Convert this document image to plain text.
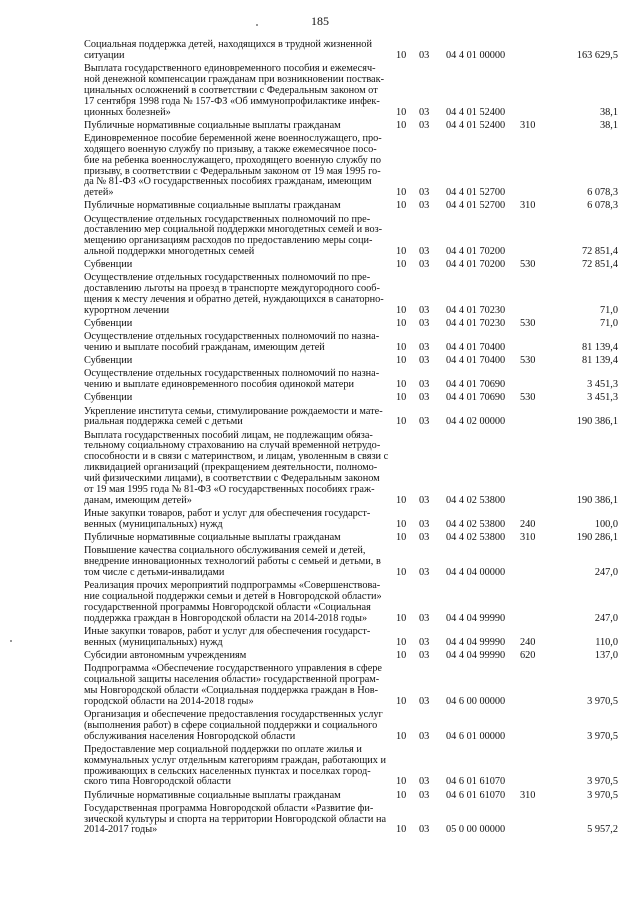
185
Социальная поддержка детей, находящихся в трудной жизненной ситуации	10	03	04 4 01 00000	163 629,5
Выплата государственного единовременного пособия и ежемесяч-ной денежной компенсации гражданам при возникновении поствак-цинальных осложнений в соответствии с Федеральным законом от 17 сентября 1998 года № 157-ФЗ «Об иммунопрофилактике инфек-ционных болезней»	10	03	04 4 01 52400	38,1
Публичные нормативные социальные выплаты гражданам	10	03	04 4 01 52400	310	38,1
Единовременное пособие беременной жене военнослужащего, про-ходящего военную службу по призыву, а также ежемесячное посо-бие на ребенка военнослужащего, проходящего военную службу по призыву, в соответствии с Федеральным законом от 19 мая 1995 го-да № 81-ФЗ «О государственных пособиях гражданам, имеющим детей»	10	03	04 4 01 52700	6 078,3
Публичные нормативные социальные выплаты гражданам	10	03	04 4 01 52700	310	6 078,3
Осуществление отдельных государственных полномочий по пре-доставлению мер социальной поддержки многодетных семей и воз-мещению организациям расходов по предоставлению меры соци-альной поддержки многодетных семей	10	03	04 4 01 70200	72 851,4
Субвенции	10	03	04 4 01 70200	530	72 851,4
Осуществление отдельных государственных полномочий по пре-доставлению льготы на проезд в транспорте междугородного сооб-щения к месту лечения и обратно детей, нуждающихся в санаторно-курортном лечении	10	03	04 4 01 70230	71,0
Субвенции	10	03	04 4 01 70230	530	71,0
Осуществление отдельных государственных полномочий по назна-чению и выплате пособий гражданам, имеющим детей	10	03	04 4 01 70400	81 139,4
Субвенции	10	03	04 4 01 70400	530	81 139,4
Осуществление отдельных государственных полномочий по назна-чению и выплате единовременного пособия одинокой матери	10	03	04 4 01 70690	3 451,3
Субвенции	10	03	04 4 01 70690	530	3 451,3
Укрепление института семьи, стимулирование рождаемости и мате-риальная поддержка семей с детьми	10	03	04 4 02 00000	190 386,1
Выплата государственных пособий лицам, не подлежащим обяза-тельному социальному страхованию на случай временной нетрудо-способности и в связи с материнством, и лицам, уволенным в связи с ликвидацией организаций (прекращением деятельности, полномо-чий физическими лицами), в соответствии с Федеральным законом от 19 мая 1995 года № 81-ФЗ «О государственных пособиях граж-данам, имеющим детей»	10	03	04 4 02 53800	190 386,1
Иные закупки товаров, работ и услуг для обеспечения государст-венных (муниципальных) нужд	10	03	04 4 02 53800	240	100,0
Публичные нормативные социальные выплаты гражданам	10	03	04 4 02 53800	310	190 286,1
Повышение качества социального обслуживания семей и детей, внедрение инновационных технологий работы с семьей и детьми, в том числе с детьми-инвалидами	10	03	04 4 04 00000	247,0
Реализация прочих мероприятий подпрограммы «Совершенствова-ние социальной поддержки семьи и детей в Новгородской области» государственной программы Новгородской области «Социальная поддержка граждан в Новгородской области на 2014-2018 годы»	10	03	04 4 04 99990	247,0
Иные закупки товаров, работ и услуг для обеспечения государст-венных (муниципальных) нужд	10	03	04 4 04 99990	240	110,0
Субсидии автономным учреждениям	10	03	04 4 04 99990	620	137,0
Подпрограмма «Обеспечение государственного управления в сфере социальной защиты населения области» государственной програм-мы Новгородской области «Социальная поддержка граждан в Нов-городской области на 2014-2018 годы»	10	03	04 6 00 00000	3 970,5
Организация и обеспечение предоставления государственных услуг (выполнения работ) в сфере социальной поддержки и социального обслуживания населения Новгородской области	10	03	04 6 01 00000	3 970,5
Предоставление мер социальной поддержки по оплате жилья и коммунальных услуг отдельным категориям граждан, работающих и проживающих в сельских населенных пунктах и поселках город-ского типа Новгородской области	10	03	04 6 01 61070	3 970,5
Публичные нормативные социальные выплаты гражданам	10	03	04 6 01 61070	310	3 970,5
Государственная программа Новгородской области «Развитие фи-зической культуры и спорта на территории Новгородской области на 2014-2017 годы»	10	03	05 0 00 00000	5 957,2
